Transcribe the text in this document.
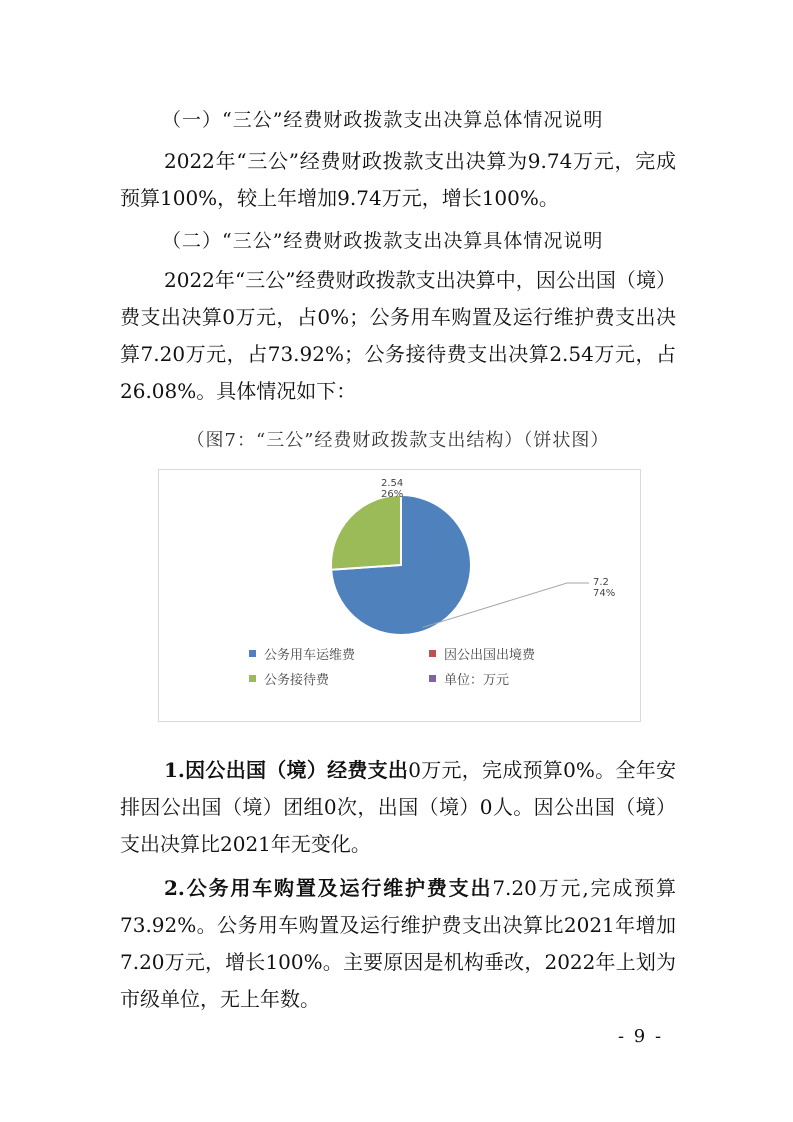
（一）“三公”经费财政拨款支出决算总体情况说明

2022年“三公”经费财政拨款支出决算为9.74万元，完成预算100%，较上年增加9.74万元，增长100%。

（二）“三公”经费财政拨款支出决算具体情况说明

2022年“三公”经费财政拨款支出决算中，因公出国（境）费支出决算0万元，占0%；公务用车购置及运行维护费支出决算7.20万元，占73.92%；公务接待费支出决算2.54万元，占26.08%。具体情况如下：

（图7：“三公”经费财政拨款支出结构）（饼状图）
2.54
26%
7.2
74%
公务用车运维费	因公出国出境费
公务接待费	单位：万元

1.因公出国（境）经费支出0万元，完成预算0%。全年安排因公出国（境）团组0次，出国（境）0人。因公出国（境）支出决算比2021年无变化。

2.公务用车购置及运行维护费支出7.20万元,完成预算73.92%。公务用车购置及运行维护费支出决算比2021年增加7.20万元，增长100%。主要原因是机构垂改，2022年上划为市级单位，无上年数。

- 9 -
